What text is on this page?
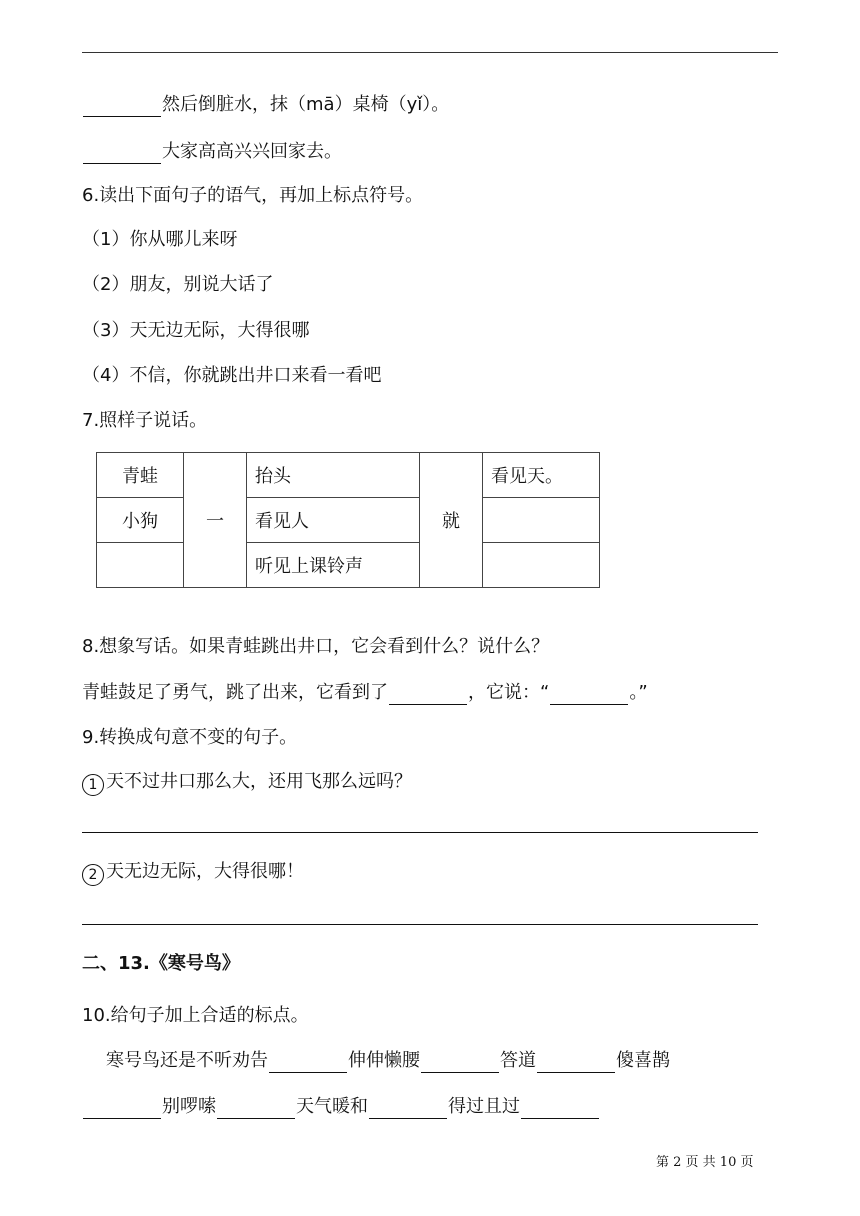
然后倒脏水，抹（mā）桌椅（yǐ）。
大家高高兴兴回家去。
6.读出下面句子的语气，再加上标点符号。
（1）你从哪儿来呀
（2）朋友，别说大话了
（3）天无边无际，大得很哪
（4）不信，你就跳出井口来看一看吧
7.照样子说话。
青蛙	一	抬头	就	看见天。
小狗		看见人		
		听见上课铃声		
8.想象写话。如果青蛙跳出井口，它会看到什么？说什么？
青蛙鼓足了勇气，跳了出来，它看到了	，它说：“	。”
9.转换成句意不变的句子。
1 天不过井口那么大，还用飞那么远吗？
2 天无边无际，大得很哪！
二、13.《寒号鸟》
10.给句子加上合适的标点。
寒号鸟还是不听劝告	伸伸懒腰	答道	傻喜鹊
别啰嗦	天气暖和	得过且过
第 2 页 共 10 页
